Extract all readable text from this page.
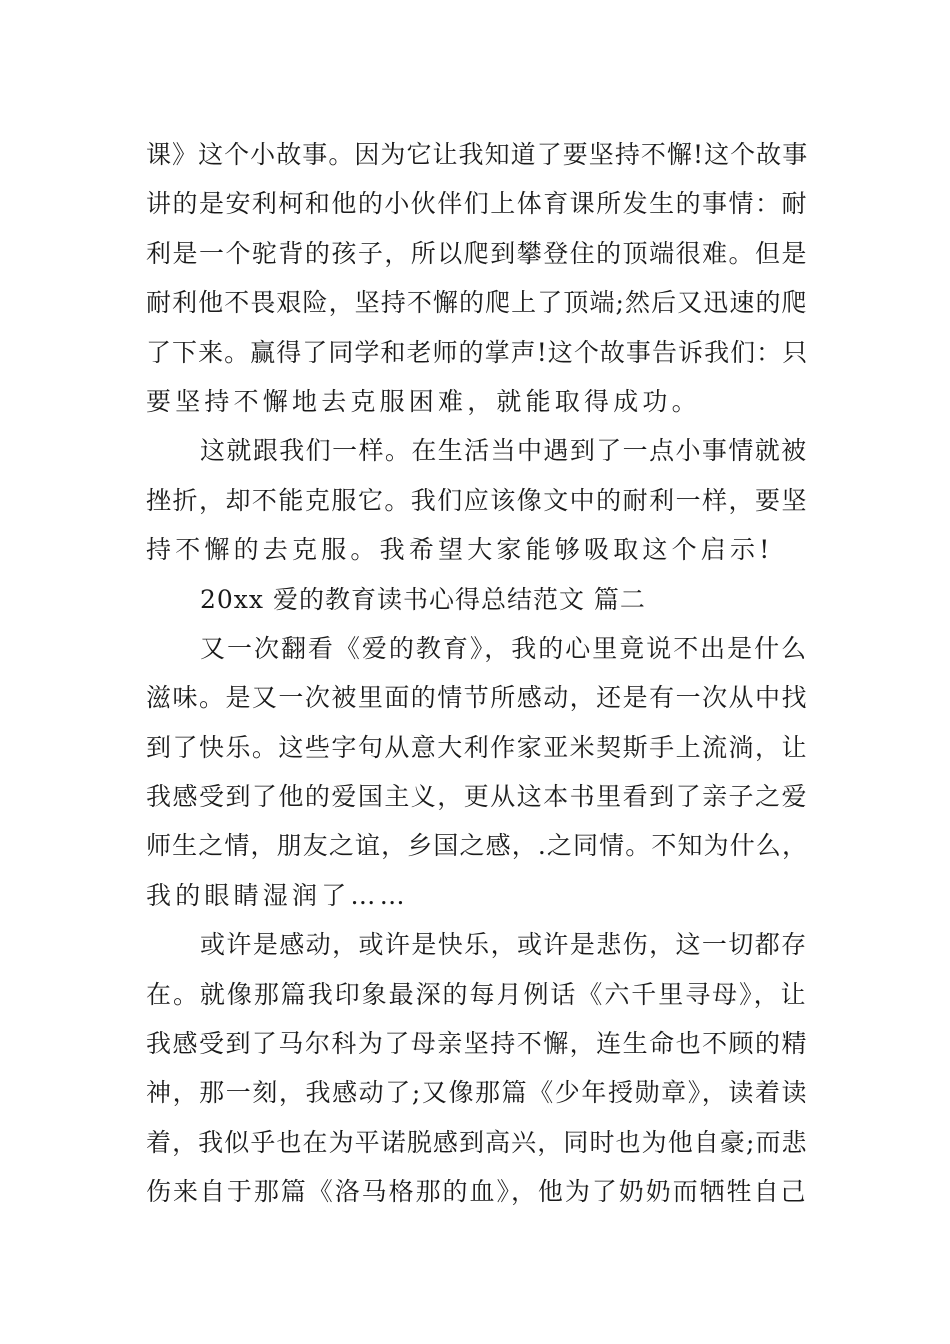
课》这个小故事。因为它让我知道了要坚持不懈!这个故事
讲的是安利柯和他的小伙伴们上体育课所发生的事情：耐
利是一个驼背的孩子，所以爬到攀登住的顶端很难。但是
耐利他不畏艰险，坚持不懈的爬上了顶端;然后又迅速的爬
了下来。赢得了同学和老师的掌声!这个故事告诉我们：只
要坚持不懈地去克服困难，就能取得成功。
这就跟我们一样。在生活当中遇到了一点小事情就被
挫折，却不能克服它。我们应该像文中的耐利一样，要坚
持不懈的去克服。我希望大家能够吸取这个启示!
20xx 爱的教育读书心得总结范文 篇二
又一次翻看《爱的教育》，我的心里竟说不出是什么
滋味。是又一次被里面的情节所感动，还是有一次从中找
到了快乐。这些字句从意大利作家亚米契斯手上流淌，让
我感受到了他的爱国主义，更从这本书里看到了亲子之爱
师生之情，朋友之谊，乡国之感，.之同情。不知为什么，
我的眼睛湿润了……
或许是感动，或许是快乐，或许是悲伤，这一切都存
在。就像那篇我印象最深的每月例话《六千里寻母》，让
我感受到了马尔科为了母亲坚持不懈，连生命也不顾的精
神，那一刻，我感动了;又像那篇《少年授勋章》，读着读
着，我似乎也在为平诺脱感到高兴，同时也为他自豪;而悲
伤来自于那篇《洛马格那的血》，他为了奶奶而牺牲自己
